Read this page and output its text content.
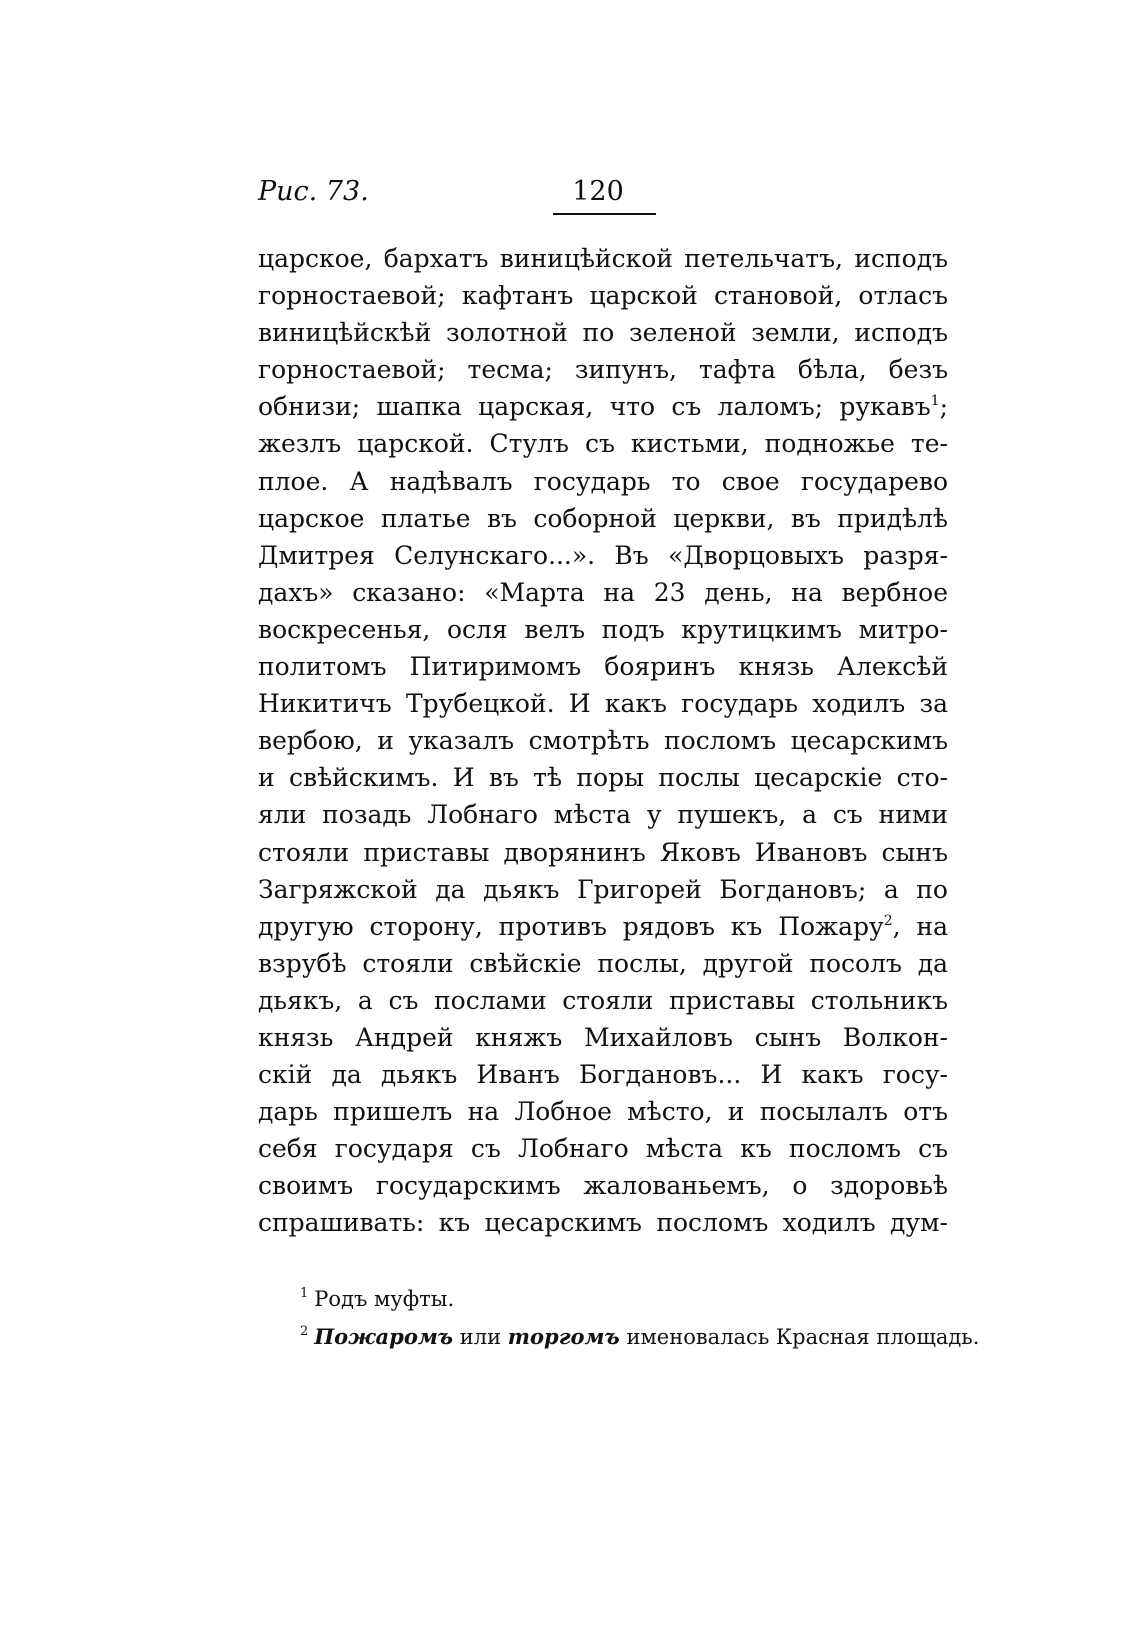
Рис. 73.	120
царское, бархатъ виницѣйской петельчатъ, исподъ
горностаевой; кафтанъ царской становой, отласъ
виницѣйскѣй золотной по зеленой земли, исподъ
горностаевой; тесма; зипунъ, тафта бѣла, безъ
обнизи; шапка царская, что съ лаломъ; рукавъ$^1$;
жезлъ царской. Стулъ съ кистьми, подножье те-
плое. А надѣвалъ государь то свое государево
царское платье въ соборной церкви, въ придѣлѣ
Дмитрея Селунскаго...». Въ «Дворцовыхъ разря-
дахъ» сказано: «Марта на 23 день, на вербное
воскресенья, осля велъ подъ крутицкимъ митро-
политомъ Питиримомъ бояринъ князь Алексѣй
Никитичъ Трубецкой. И какъ государь ходилъ за
вербою, и указалъ смотрѣть посломъ цесарскимъ
и свѣйскимъ. И въ тѣ поры послы цесарскіе сто-
яли позадь Лобнаго мѣста у пушекъ, а съ ними
стояли приставы дворянинъ Яковъ Ивановъ сынъ
Загряжской да дьякъ Григорей Богдановъ; а по
другую сторону, противъ рядовъ къ Пожару$^2$, на
взрубѣ стояли свѣйскіе послы, другой посолъ да
дьякъ, а съ послами стояли приставы стольникъ
князь Андрей княжъ Михайловъ сынъ Волкон-
скій да дьякъ Иванъ Богдановъ... И какъ госу-
дарь пришелъ на Лобное мѣсто, и посылалъ отъ
себя государя съ Лобнаго мѣста къ посломъ съ
своимъ государскимъ жалованьемъ, о здоровьѣ
спрашивать: къ цесарскимъ посломъ ходилъ дум-
$^1$ Родъ муфты.
$^2$ Пожаромъ или торгомъ именовалась Красная площадь.
